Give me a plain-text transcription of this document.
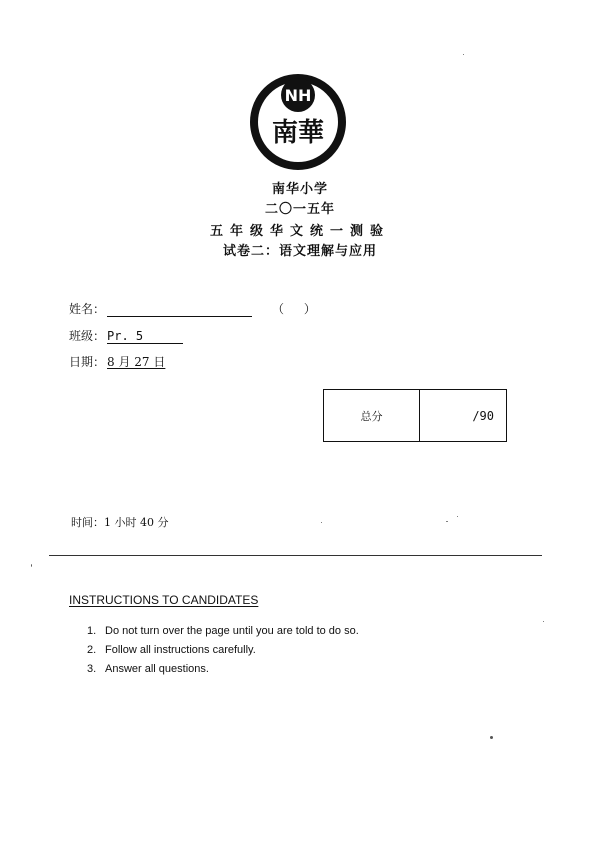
NH
南華
南华小学
二〇一五年
五年级华文统一测验
试卷二：语文理解与应用
姓名：	（ ）
班级： Pr. 5
日期： 8 月 27 日
总分	/90
时间：1 小时 40 分
INSTRUCTIONS TO CANDIDATES
1. Do not turn over the page until you are told to do so.
2. Follow all instructions carefully.
3. Answer all questions.
